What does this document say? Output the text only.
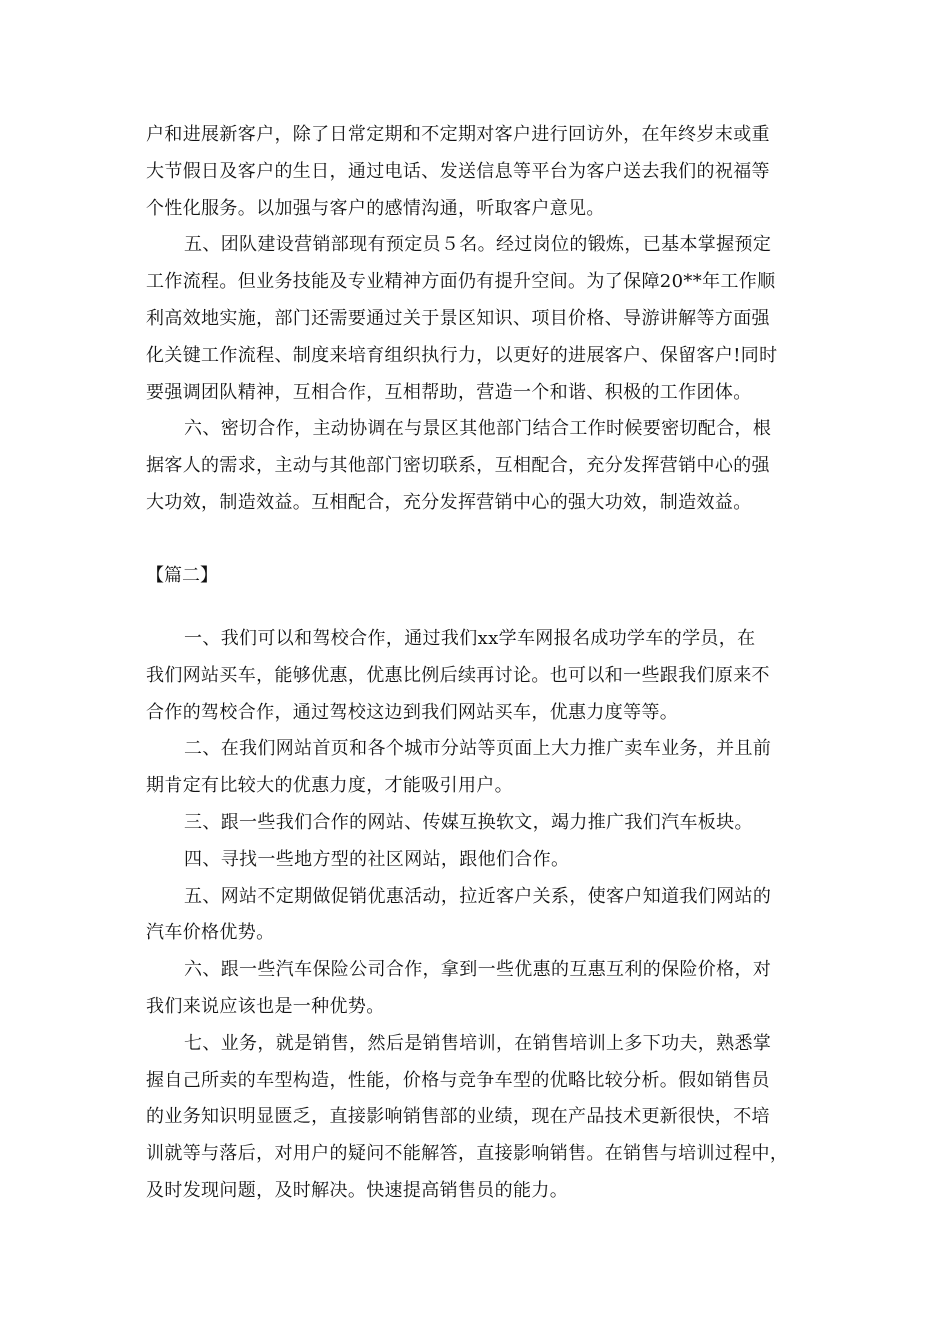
户和进展新客户，除了日常定期和不定期对客户进行回访外，在年终岁末或重
大节假日及客户的生日，通过电话、发送信息等平台为客户送去我们的祝福等
个性化服务。以加强与客户的感情沟通，听取客户意见。
五、团队建设营销部现有预定员５名。经过岗位的锻炼，已基本掌握预定
工作流程。但业务技能及专业精神方面仍有提升空间。为了保障20**年工作顺
利高效地实施，部门还需要通过关于景区知识、项目价格、导游讲解等方面强
化关键工作流程、制度来培育组织执行力，以更好的进展客户、保留客户!同时
要强调团队精神，互相合作，互相帮助，营造一个和谐、积极的工作团体。
六、密切合作，主动协调在与景区其他部门结合工作时候要密切配合，根
据客人的需求，主动与其他部门密切联系，互相配合，充分发挥营销中心的强
大功效，制造效益。互相配合，充分发挥营销中心的强大功效，制造效益。
【篇二】
一、我们可以和驾校合作，通过我们xx学车网报名成功学车的学员，在
我们网站买车，能够优惠，优惠比例后续再讨论。也可以和一些跟我们原来不
合作的驾校合作，通过驾校这边到我们网站买车，优惠力度等等。
二、在我们网站首页和各个城市分站等页面上大力推广卖车业务，并且前
期肯定有比较大的优惠力度，才能吸引用户。
三、跟一些我们合作的网站、传媒互换软文，竭力推广我们汽车板块。
四、寻找一些地方型的社区网站，跟他们合作。
五、网站不定期做促销优惠活动，拉近客户关系，使客户知道我们网站的
汽车价格优势。
六、跟一些汽车保险公司合作，拿到一些优惠的互惠互利的保险价格，对
我们来说应该也是一种优势。
七、业务，就是销售，然后是销售培训，在销售培训上多下功夫，熟悉掌
握自己所卖的车型构造，性能，价格与竞争车型的优略比较分析。假如销售员
的业务知识明显匮乏，直接影响销售部的业绩，现在产品技术更新很快，不培
训就等与落后，对用户的疑问不能解答，直接影响销售。在销售与培训过程中，
及时发现问题，及时解决。快速提高销售员的能力。
